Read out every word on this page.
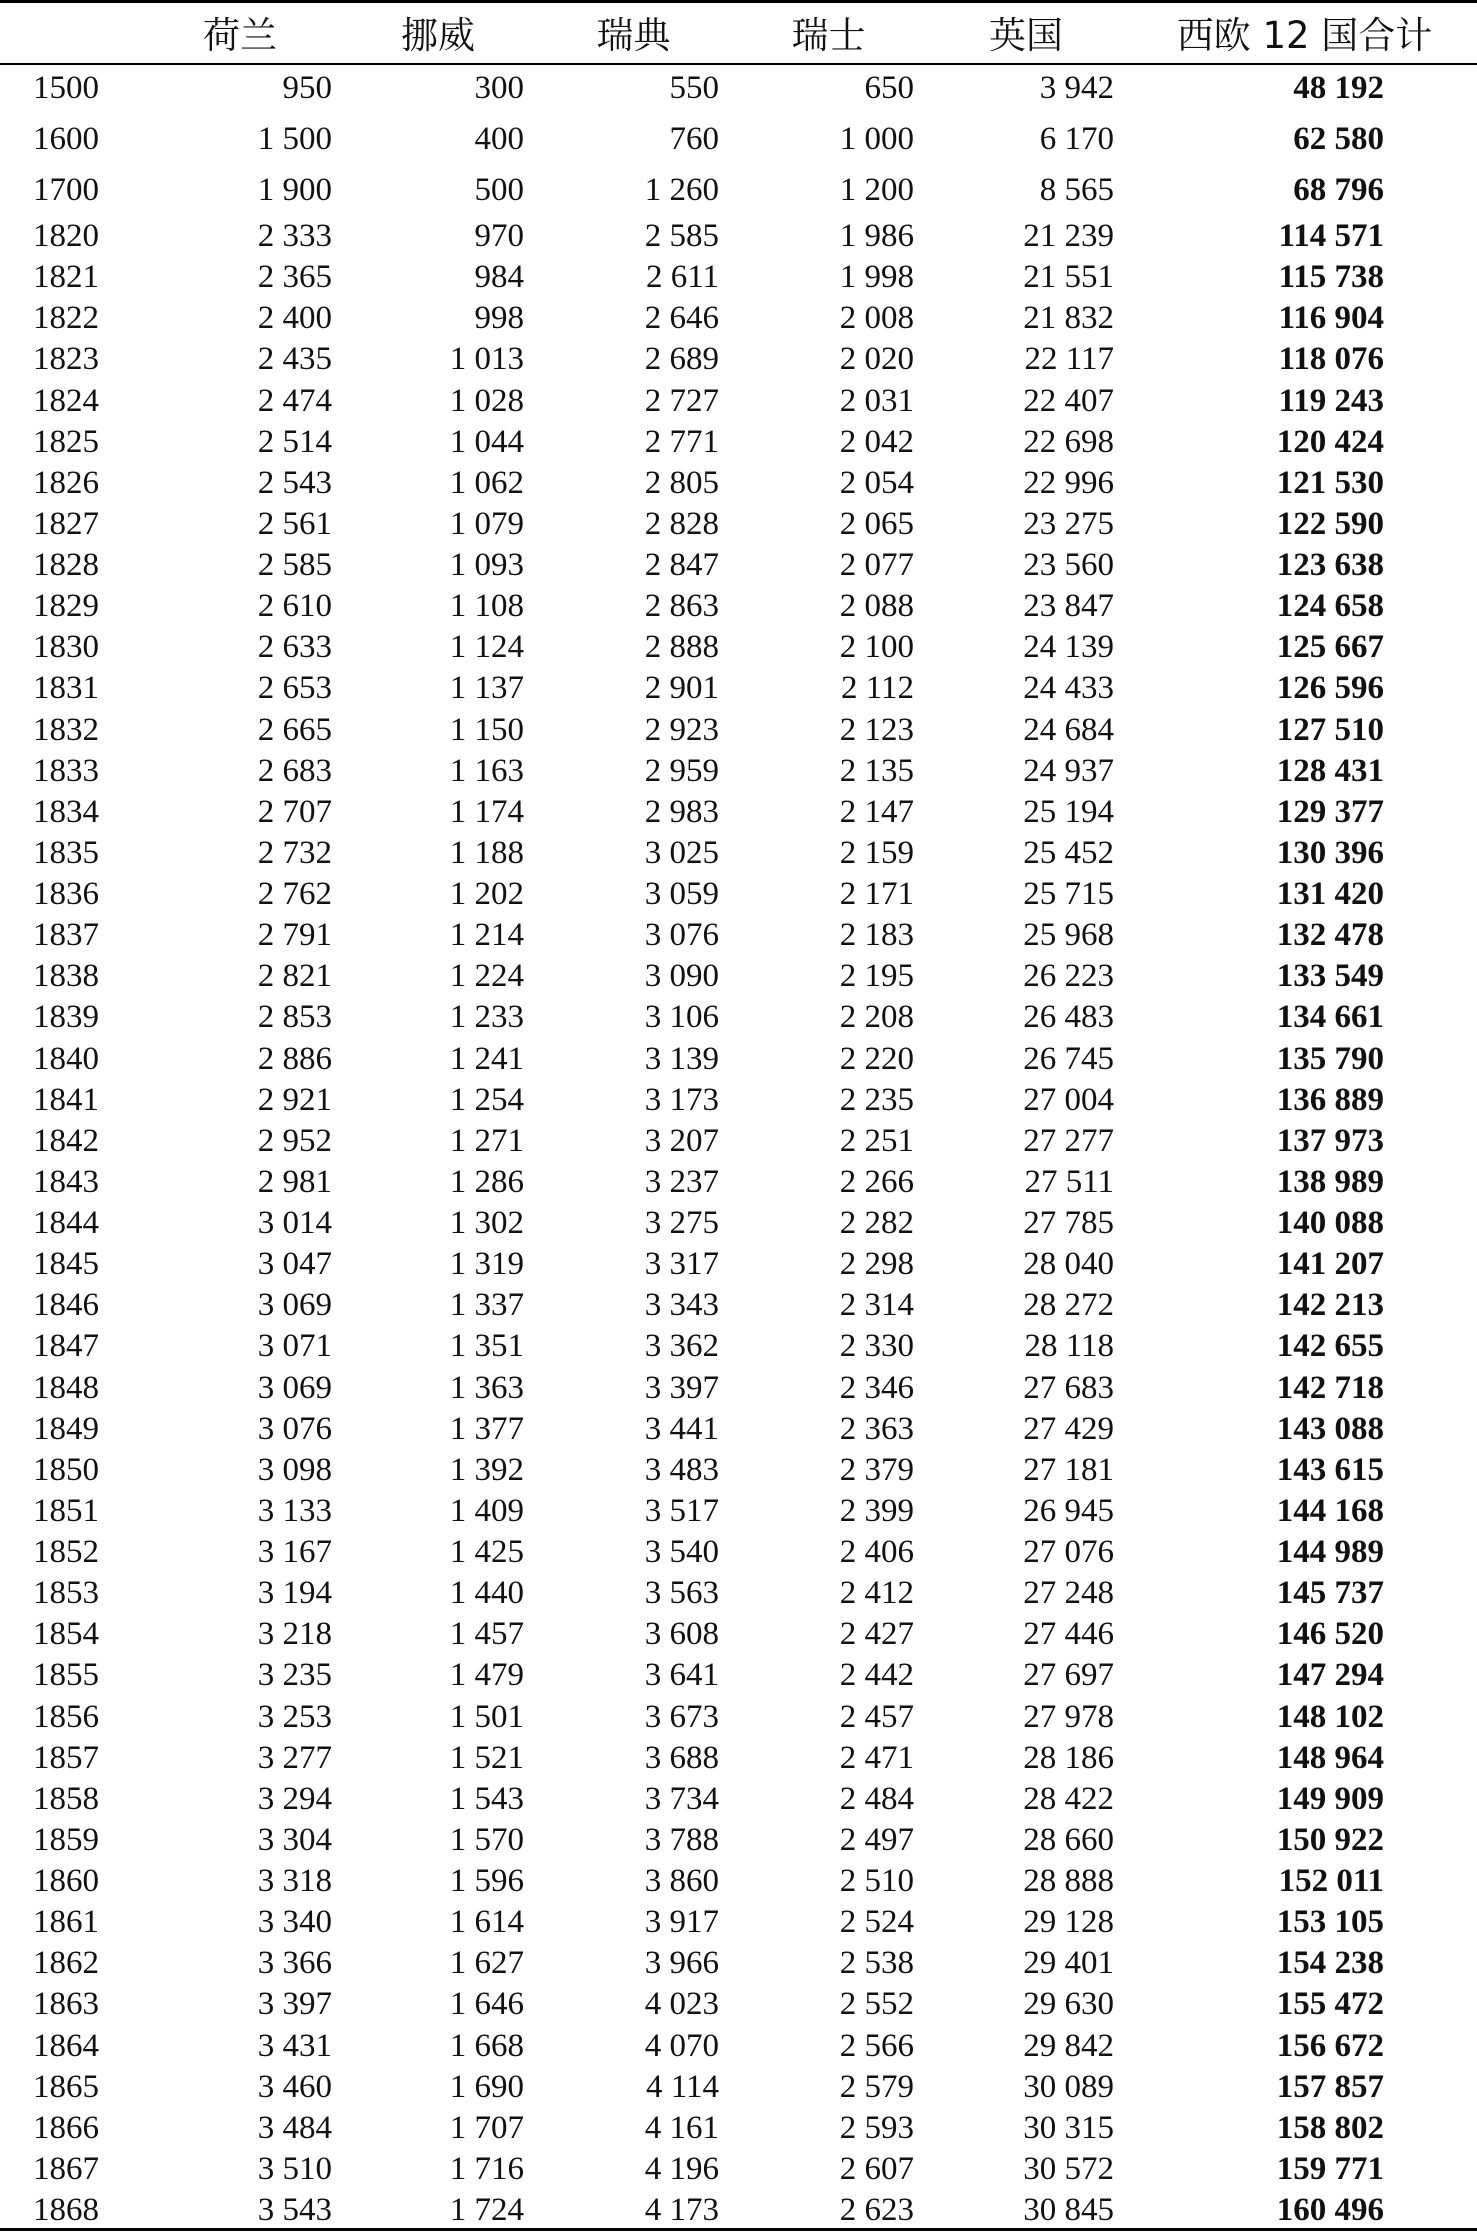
	荷兰	挪威	瑞典	瑞士	英国	西欧 12 国合计
1500	950	300	550	650	3 942	48 192
1600	1 500	400	760	1 000	6 170	62 580
1700	1 900	500	1 260	1 200	8 565	68 796
1820	2 333	970	2 585	1 986	21 239	114 571
1821	2 365	984	2 611	1 998	21 551	115 738
1822	2 400	998	2 646	2 008	21 832	116 904
1823	2 435	1 013	2 689	2 020	22 117	118 076
1824	2 474	1 028	2 727	2 031	22 407	119 243
1825	2 514	1 044	2 771	2 042	22 698	120 424
1826	2 543	1 062	2 805	2 054	22 996	121 530
1827	2 561	1 079	2 828	2 065	23 275	122 590
1828	2 585	1 093	2 847	2 077	23 560	123 638
1829	2 610	1 108	2 863	2 088	23 847	124 658
1830	2 633	1 124	2 888	2 100	24 139	125 667
1831	2 653	1 137	2 901	2 112	24 433	126 596
1832	2 665	1 150	2 923	2 123	24 684	127 510
1833	2 683	1 163	2 959	2 135	24 937	128 431
1834	2 707	1 174	2 983	2 147	25 194	129 377
1835	2 732	1 188	3 025	2 159	25 452	130 396
1836	2 762	1 202	3 059	2 171	25 715	131 420
1837	2 791	1 214	3 076	2 183	25 968	132 478
1838	2 821	1 224	3 090	2 195	26 223	133 549
1839	2 853	1 233	3 106	2 208	26 483	134 661
1840	2 886	1 241	3 139	2 220	26 745	135 790
1841	2 921	1 254	3 173	2 235	27 004	136 889
1842	2 952	1 271	3 207	2 251	27 277	137 973
1843	2 981	1 286	3 237	2 266	27 511	138 989
1844	3 014	1 302	3 275	2 282	27 785	140 088
1845	3 047	1 319	3 317	2 298	28 040	141 207
1846	3 069	1 337	3 343	2 314	28 272	142 213
1847	3 071	1 351	3 362	2 330	28 118	142 655
1848	3 069	1 363	3 397	2 346	27 683	142 718
1849	3 076	1 377	3 441	2 363	27 429	143 088
1850	3 098	1 392	3 483	2 379	27 181	143 615
1851	3 133	1 409	3 517	2 399	26 945	144 168
1852	3 167	1 425	3 540	2 406	27 076	144 989
1853	3 194	1 440	3 563	2 412	27 248	145 737
1854	3 218	1 457	3 608	2 427	27 446	146 520
1855	3 235	1 479	3 641	2 442	27 697	147 294
1856	3 253	1 501	3 673	2 457	27 978	148 102
1857	3 277	1 521	3 688	2 471	28 186	148 964
1858	3 294	1 543	3 734	2 484	28 422	149 909
1859	3 304	1 570	3 788	2 497	28 660	150 922
1860	3 318	1 596	3 860	2 510	28 888	152 011
1861	3 340	1 614	3 917	2 524	29 128	153 105
1862	3 366	1 627	3 966	2 538	29 401	154 238
1863	3 397	1 646	4 023	2 552	29 630	155 472
1864	3 431	1 668	4 070	2 566	29 842	156 672
1865	3 460	1 690	4 114	2 579	30 089	157 857
1866	3 484	1 707	4 161	2 593	30 315	158 802
1867	3 510	1 716	4 196	2 607	30 572	159 771
1868	3 543	1 724	4 173	2 623	30 845	160 496
